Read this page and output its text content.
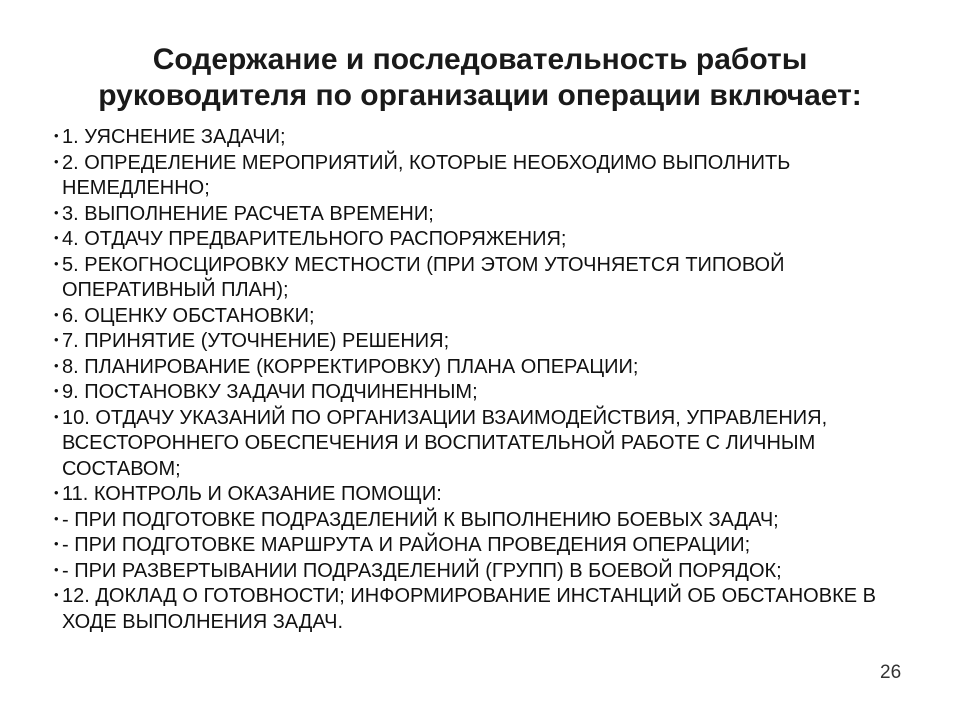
Содержание и последовательность работы
руководителя по организации операции включает:
• 1. УЯСНЕНИЕ ЗАДАЧИ;
• 2. ОПРЕДЕЛЕНИЕ МЕРОПРИЯТИЙ, КОТОРЫЕ НЕОБХОДИМО ВЫПОЛНИТЬ НЕМЕДЛЕННО;
• 3. ВЫПОЛНЕНИЕ РАСЧЕТА ВРЕМЕНИ;
• 4. ОТДАЧУ ПРЕДВАРИТЕЛЬНОГО РАСПОРЯЖЕНИЯ;
• 5. РЕКОГНОСЦИРОВКУ МЕСТНОСТИ (ПРИ ЭТОМ УТОЧНЯЕТСЯ ТИПОВОЙ ОПЕРАТИВНЫЙ ПЛАН);
• 6. ОЦЕНКУ ОБСТАНОВКИ;
• 7. ПРИНЯТИЕ (УТОЧНЕНИЕ) РЕШЕНИЯ;
• 8. ПЛАНИРОВАНИЕ (КОРРЕКТИРОВКУ) ПЛАНА ОПЕРАЦИИ;
• 9. ПОСТАНОВКУ ЗАДАЧИ ПОДЧИНЕННЫМ;
• 10. ОТДАЧУ УКАЗАНИЙ ПО ОРГАНИЗАЦИИ ВЗАИМОДЕЙСТВИЯ, УПРАВЛЕНИЯ, ВСЕСТОРОННЕГО ОБЕСПЕЧЕНИЯ И ВОСПИТАТЕЛЬНОЙ РАБОТЕ С ЛИЧНЫМ СОСТАВОМ;
• 11. КОНТРОЛЬ И ОКАЗАНИЕ ПОМОЩИ:
• - ПРИ ПОДГОТОВКЕ ПОДРАЗДЕЛЕНИЙ К ВЫПОЛНЕНИЮ БОЕВЫХ ЗАДАЧ;
• - ПРИ ПОДГОТОВКЕ МАРШРУТА И РАЙОНА ПРОВЕДЕНИЯ ОПЕРАЦИИ;
• - ПРИ РАЗВЕРТЫВАНИИ ПОДРАЗДЕЛЕНИЙ (ГРУПП) В БОЕВОЙ ПОРЯДОК;
• 12. ДОКЛАД О ГОТОВНОСТИ; ИНФОРМИРОВАНИЕ ИНСТАНЦИЙ ОБ ОБСТАНОВКЕ В ХОДЕ ВЫПОЛНЕНИЯ ЗАДАЧ.
26
